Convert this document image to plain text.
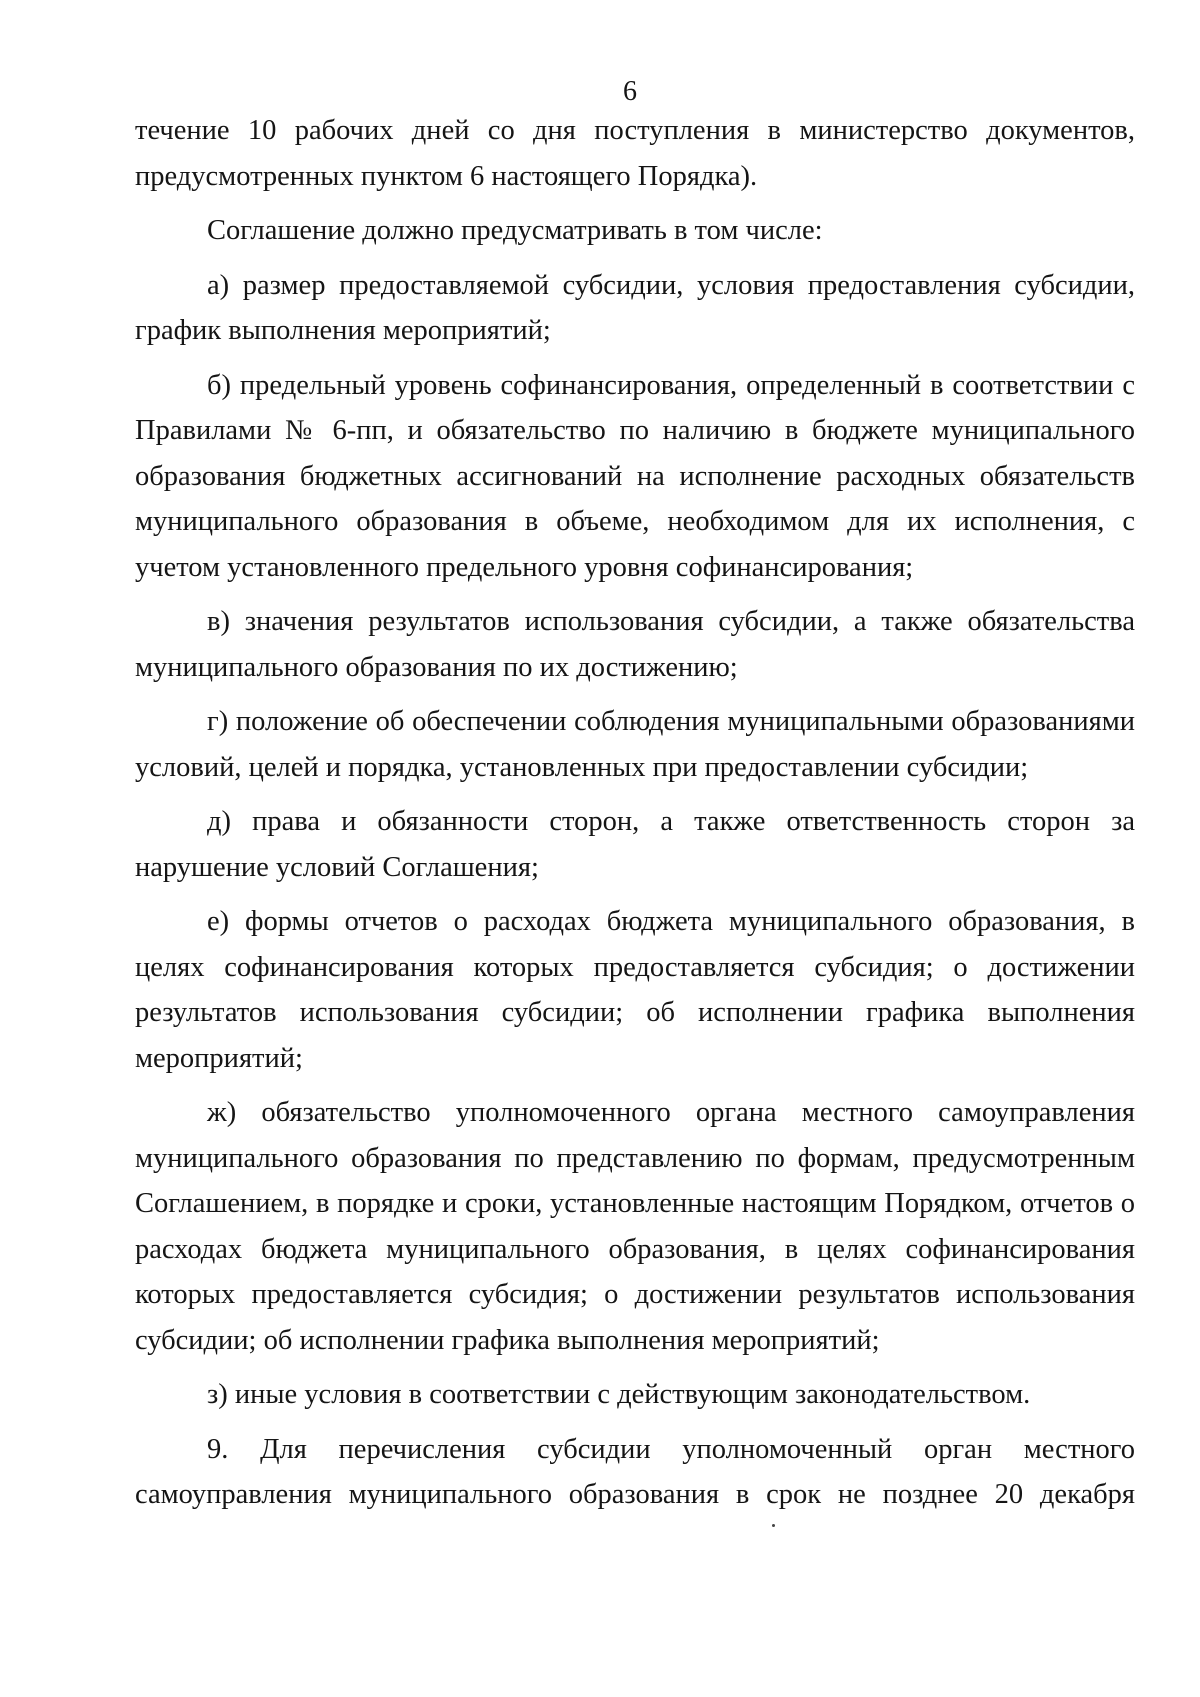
6

течение 10 рабочих дней со дня поступления в министерство документов, предусмотренных пунктом 6 настоящего Порядка).

Соглашение должно предусматривать в том числе:

а) размер предоставляемой субсидии, условия предоставления субсидии, график выполнения мероприятий;

б) предельный уровень софинансирования, определенный в соответствии с Правилами № 6-пп, и обязательство по наличию в бюджете муниципального образования бюджетных ассигнований на исполнение расходных обязательств муниципального образования в объеме, необходимом для их исполнения, с учетом установленного предельного уровня софинансирования;

в) значения результатов использования субсидии, а также обязательства муниципального образования по их достижению;

г) положение об обеспечении соблюдения муниципальными образованиями условий, целей и порядка, установленных при предоставлении субсидии;

д) права и обязанности сторон, а также ответственность сторон за нарушение условий Соглашения;

е) формы отчетов о расходах бюджета муниципального образования, в целях софинансирования которых предоставляется субсидия; о достижении результатов использования субсидии; об исполнении графика выполнения мероприятий;

ж) обязательство уполномоченного органа местного самоуправления муниципального образования по представлению по формам, предусмотренным Соглашением, в порядке и сроки, установленные настоящим Порядком, отчетов о расходах бюджета муниципального образования, в целях софинансирования которых предоставляется субсидия; о достижении результатов использования субсидии; об исполнении графика выполнения мероприятий;

з) иные условия в соответствии с действующим законодательством.

9. Для перечисления субсидии уполномоченный орган местного самоуправления муниципального образования в срок не позднее 20 декабря
